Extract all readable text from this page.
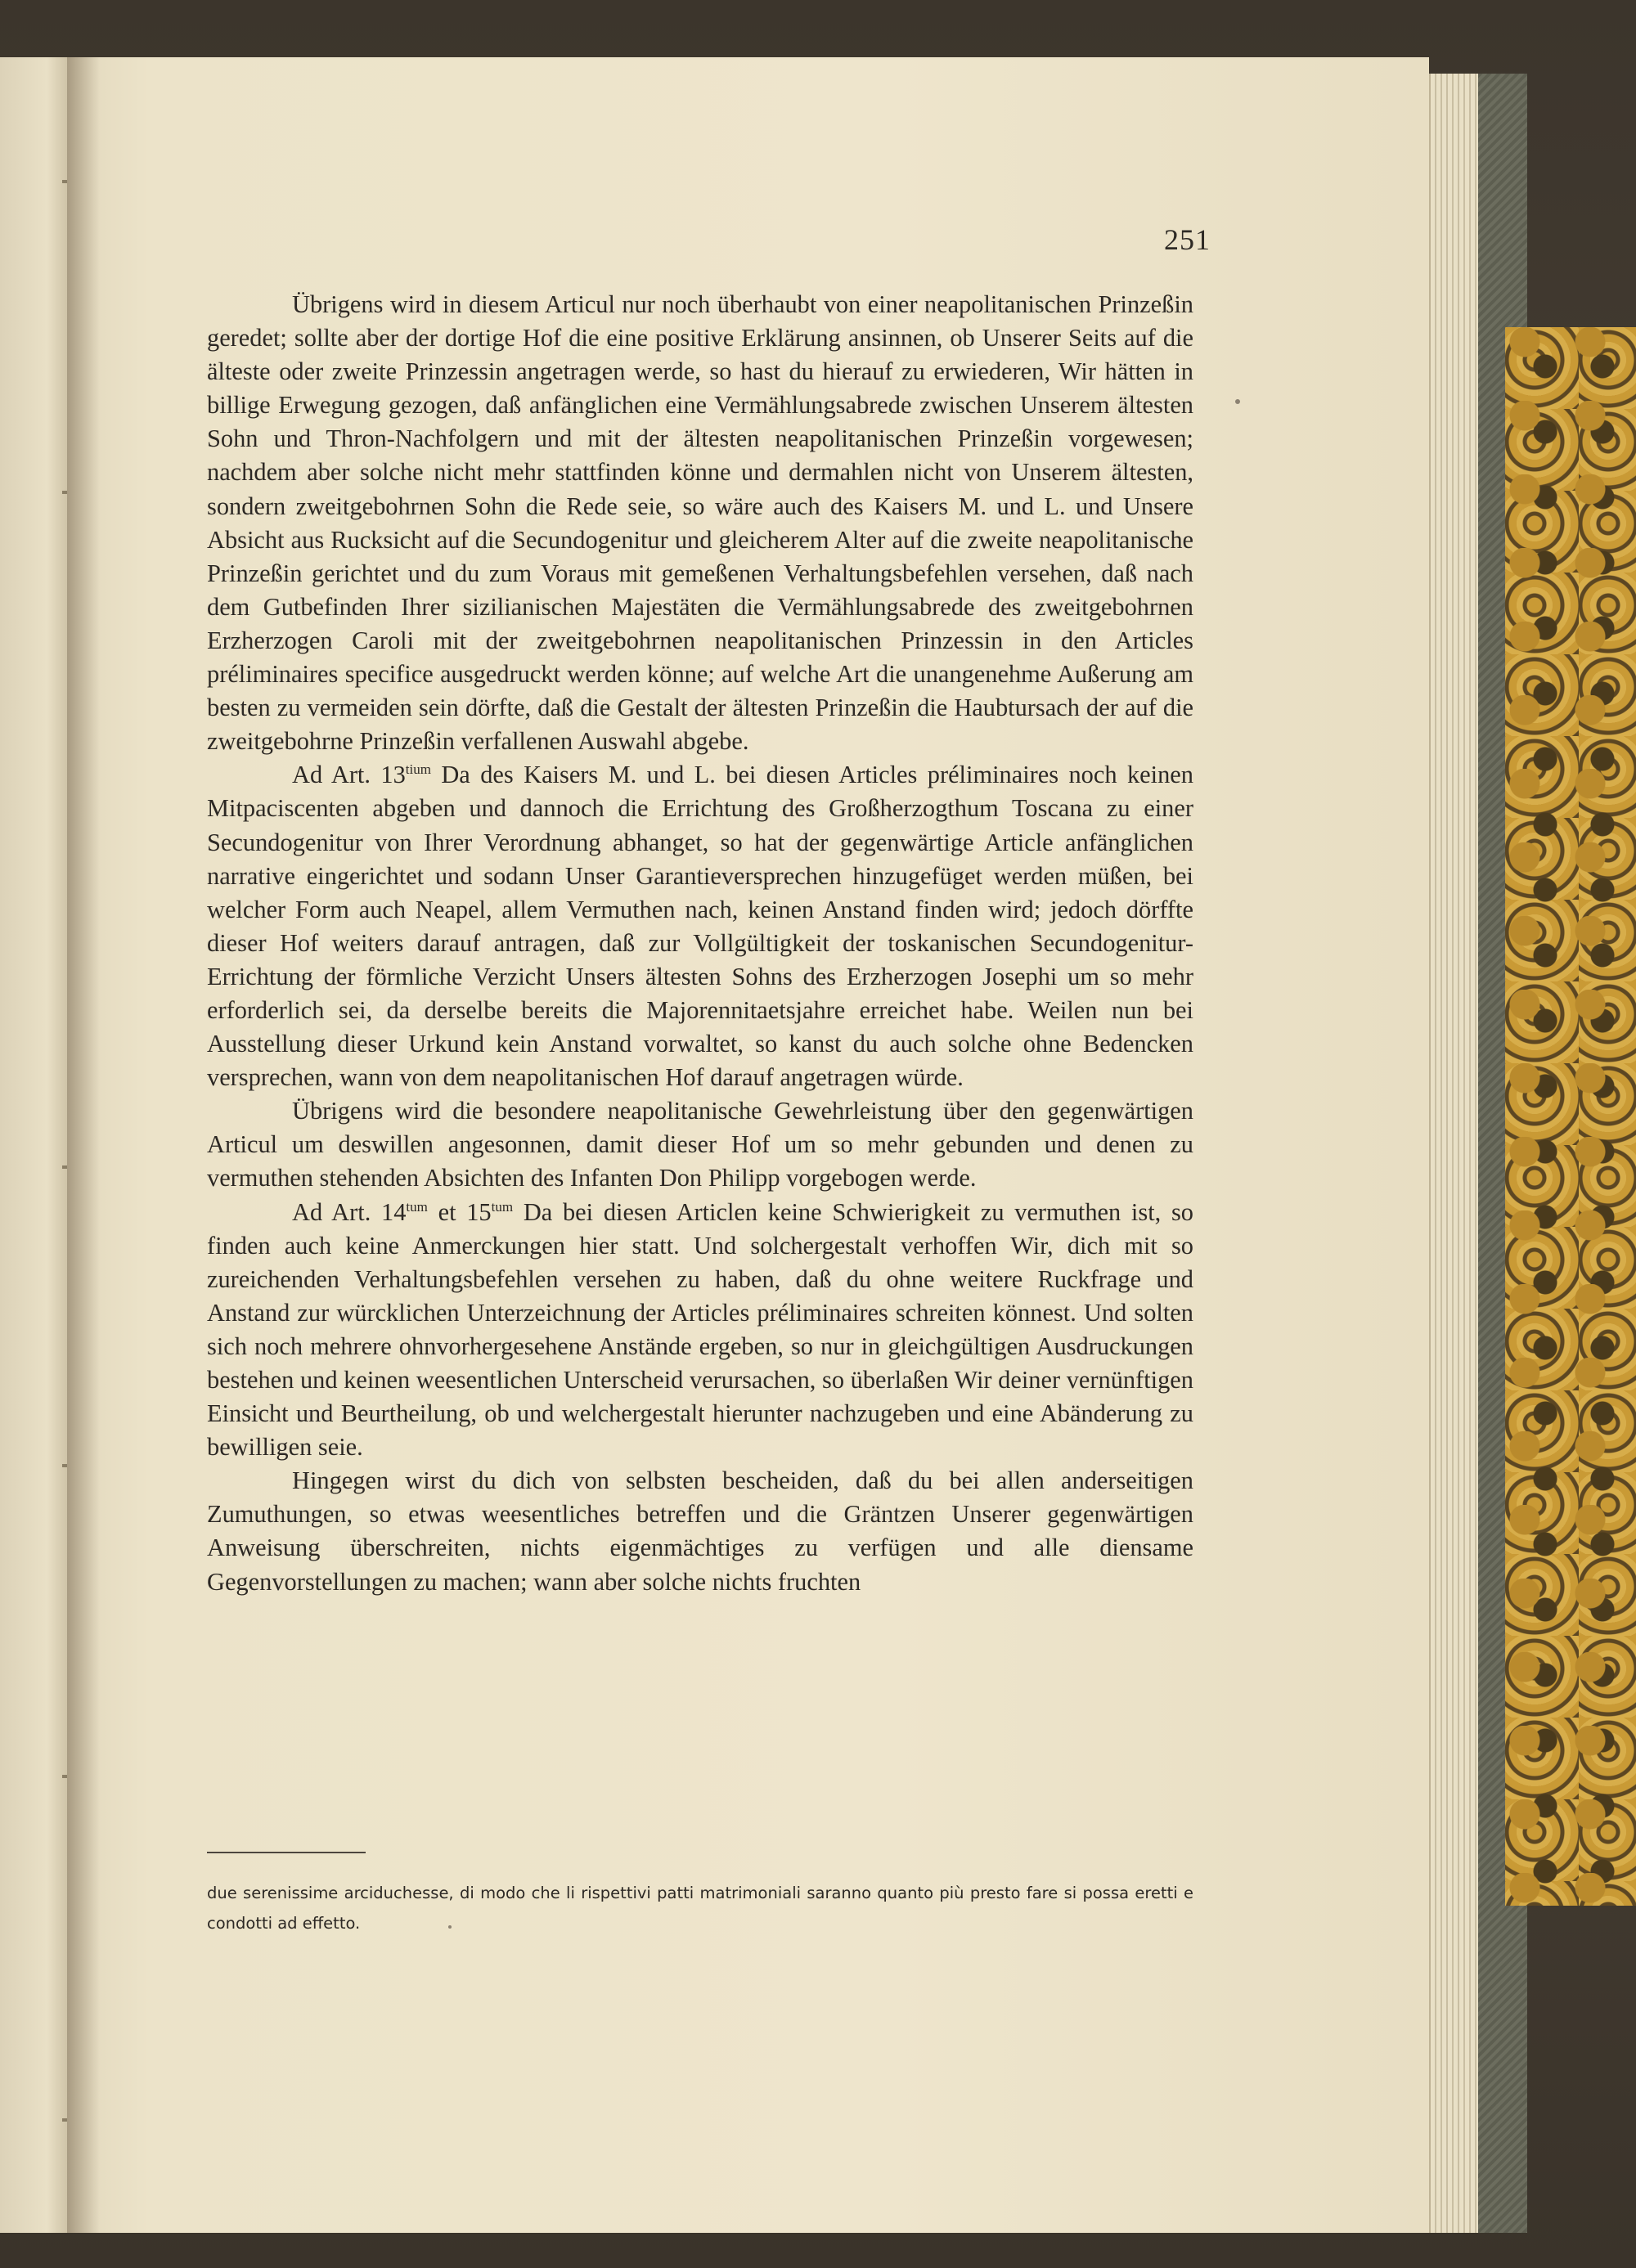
251

Übrigens wird in diesem Articul nur noch überhaubt von einer neapolitanischen Prinzeßin geredet; sollte aber der dortige Hof die eine positive Erklärung ansinnen, ob Unserer Seits auf die älteste oder zweite Prinzessin angetragen werde, so hast du hierauf zu erwiederen, Wir hätten in billige Erwegung gezogen, daß anfänglichen eine Vermählungsabrede zwischen Unserem ältesten Sohn und Thron-Nachfolgern und mit der ältesten neapolitanischen Prinzeßin vorgewesen; nachdem aber solche nicht mehr stattfinden könne und dermahlen nicht von Unserem ältesten, sondern zweitgebohrnen Sohn die Rede seie, so wäre auch des Kaisers M. und L. und Unsere Absicht aus Rucksicht auf die Secundogenitur und gleicherem Alter auf die zweite neapolitanische Prinzeßin gerichtet und du zum Voraus mit gemeßenen Verhaltungsbefehlen versehen, daß nach dem Gutbefinden Ihrer sizilianischen Majestäten die Vermählungsabrede des zweitgebohrnen Erzherzogen Caroli mit der zweitgebohrnen neapolitanischen Prinzessin in den Articles préliminaires specifice ausgedruckt werden könne; auf welche Art die unangenehme Außerung am besten zu vermeiden sein dörfte, daß die Gestalt der ältesten Prinzeßin die Haubtursach der auf die zweitgebohrne Prinzeßin verfallenen Auswahl abgebe.

Ad Art. $13^{tium}$ Da des Kaisers M. und L. bei diesen Articles préliminaires noch keinen Mitpaciscenten abgeben und dannoch die Errichtung des Großherzogthum Toscana zu einer Secundogenitur von Ihrer Verordnung abhanget, so hat der gegenwärtige Article anfänglichen narrative eingerichtet und sodann Unser Garantieversprechen hinzugefüget werden müßen, bei welcher Form auch Neapel, allem Vermuthen nach, keinen Anstand finden wird; jedoch dörffte dieser Hof weiters darauf antragen, daß zur Vollgültigkeit der toskanischen Secundogenitur-Errichtung der förmliche Verzicht Unsers ältesten Sohns des Erzherzogen Josephi um so mehr erforderlich sei, da derselbe bereits die Majorennitaetsjahre erreichet habe. Weilen nun bei Ausstellung dieser Urkund kein Anstand vorwaltet, so kanst du auch solche ohne Bedencken versprechen, wann von dem neapolitanischen Hof darauf angetragen würde.

Übrigens wird die besondere neapolitanische Gewehrleistung über den gegenwärtigen Articul um deswillen angesonnen, damit dieser Hof um so mehr gebunden und denen zu vermuthen stehenden Absichten des Infanten Don Philipp vorgebogen werde.

Ad Art. $14^{tum}$ et $15^{tum}$ Da bei diesen Articlen keine Schwierigkeit zu vermuthen ist, so finden auch keine Anmerckungen hier statt. Und solchergestalt verhoffen Wir, dich mit so zureichenden Verhaltungsbefehlen versehen zu haben, daß du ohne weitere Ruckfrage und Anstand zur würcklichen Unterzeichnung der Articles préliminaires schreiten könnest. Und solten sich noch mehrere ohnvorhergesehene Anstände ergeben, so nur in gleichgültigen Ausdruckungen bestehen und keinen weesentlichen Unterscheid verursachen, so überlaßen Wir deiner vernünftigen Einsicht und Beurtheilung, ob und welchergestalt hierunter nachzugeben und eine Abänderung zu bewilligen seie.

Hingegen wirst du dich von selbsten bescheiden, daß du bei allen anderseitigen Zumuthungen, so etwas weesentliches betreffen und die Gräntzen Unserer gegenwärtigen Anweisung überschreiten, nichts eigenmächtiges zu verfügen und alle diensame Gegenvorstellungen zu machen; wann aber solche nichts fruchten

due serenissime arciduchesse, di modo che li rispettivi patti matrimoniali saranno quanto più presto fare si possa eretti e condotti ad effetto.
